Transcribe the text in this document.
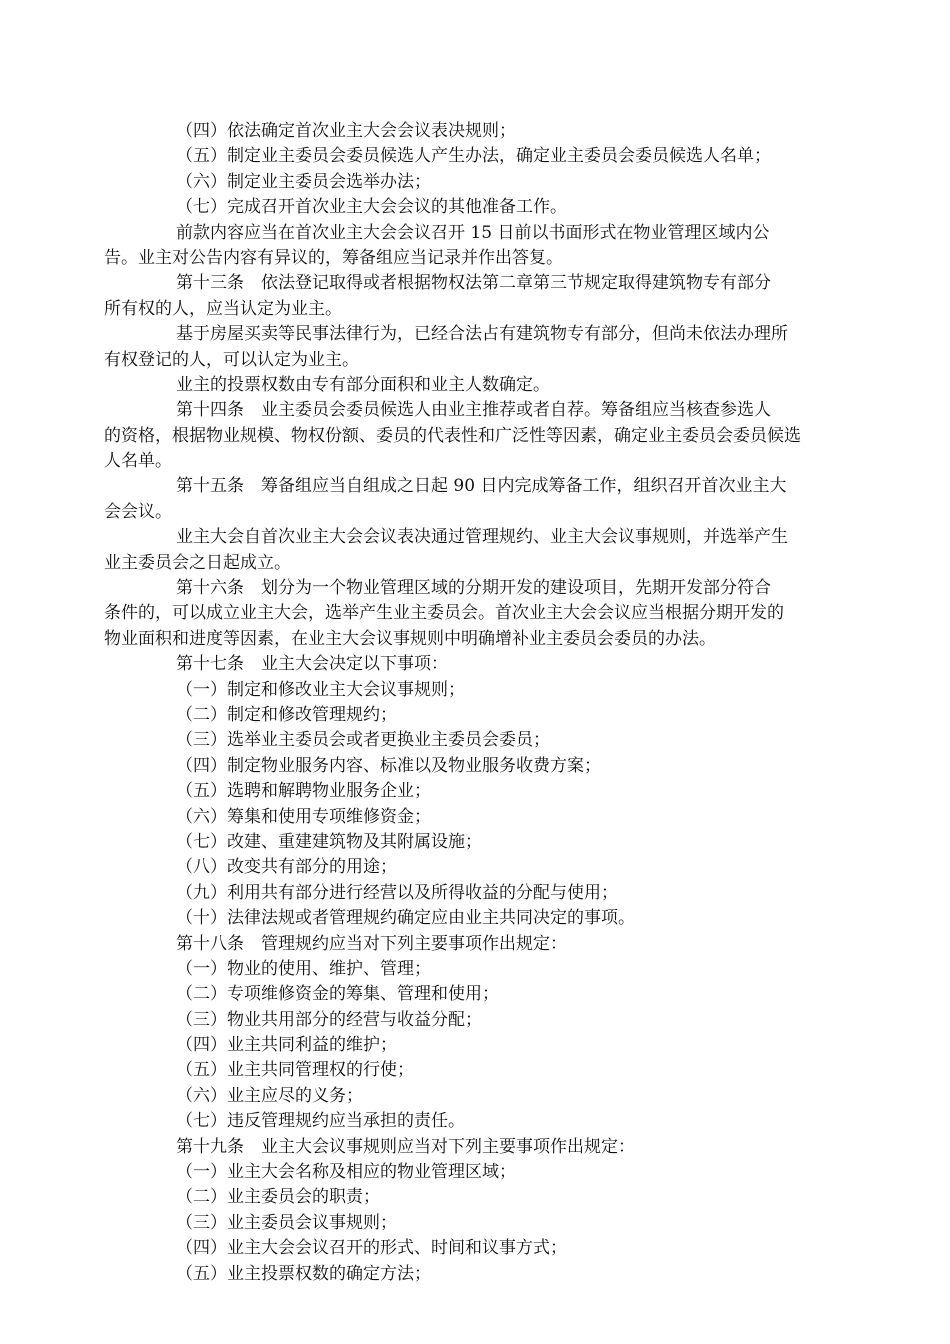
（四）依法确定首次业主大会会议表决规则；
（五）制定业主委员会委员候选人产生办法，确定业主委员会委员候选人名单；
（六）制定业主委员会选举办法；
（七）完成召开首次业主大会会议的其他准备工作。
前款内容应当在首次业主大会会议召开 15 日前以书面形式在物业管理区域内公
告。业主对公告内容有异议的，筹备组应当记录并作出答复。
第十三条　依法登记取得或者根据物权法第二章第三节规定取得建筑物专有部分
所有权的人，应当认定为业主。
基于房屋买卖等民事法律行为，已经合法占有建筑物专有部分，但尚未依法办理所
有权登记的人，可以认定为业主。
业主的投票权数由专有部分面积和业主人数确定。
第十四条　业主委员会委员候选人由业主推荐或者自荐。筹备组应当核查参选人
的资格，根据物业规模、物权份额、委员的代表性和广泛性等因素，确定业主委员会委员候选
人名单。
第十五条　筹备组应当自组成之日起 90 日内完成筹备工作，组织召开首次业主大
会会议。
业主大会自首次业主大会会议表决通过管理规约、业主大会议事规则，并选举产生
业主委员会之日起成立。
第十六条　划分为一个物业管理区域的分期开发的建设项目，先期开发部分符合
条件的，可以成立业主大会，选举产生业主委员会。首次业主大会会议应当根据分期开发的
物业面积和进度等因素，在业主大会议事规则中明确增补业主委员会委员的办法。
第十七条　业主大会决定以下事项：
（一）制定和修改业主大会议事规则；
（二）制定和修改管理规约；
（三）选举业主委员会或者更换业主委员会委员；
（四）制定物业服务内容、标准以及物业服务收费方案；
（五）选聘和解聘物业服务企业；
（六）筹集和使用专项维修资金；
（七）改建、重建建筑物及其附属设施；
（八）改变共有部分的用途；
（九）利用共有部分进行经营以及所得收益的分配与使用；
（十）法律法规或者管理规约确定应由业主共同决定的事项。
第十八条　管理规约应当对下列主要事项作出规定：
（一）物业的使用、维护、管理；
（二）专项维修资金的筹集、管理和使用；
（三）物业共用部分的经营与收益分配；
（四）业主共同利益的维护；
（五）业主共同管理权的行使；
（六）业主应尽的义务；
（七）违反管理规约应当承担的责任。
第十九条　业主大会议事规则应当对下列主要事项作出规定：
（一）业主大会名称及相应的物业管理区域；
（二）业主委员会的职责；
（三）业主委员会议事规则；
（四）业主大会会议召开的形式、时间和议事方式；
（五）业主投票权数的确定方法；
